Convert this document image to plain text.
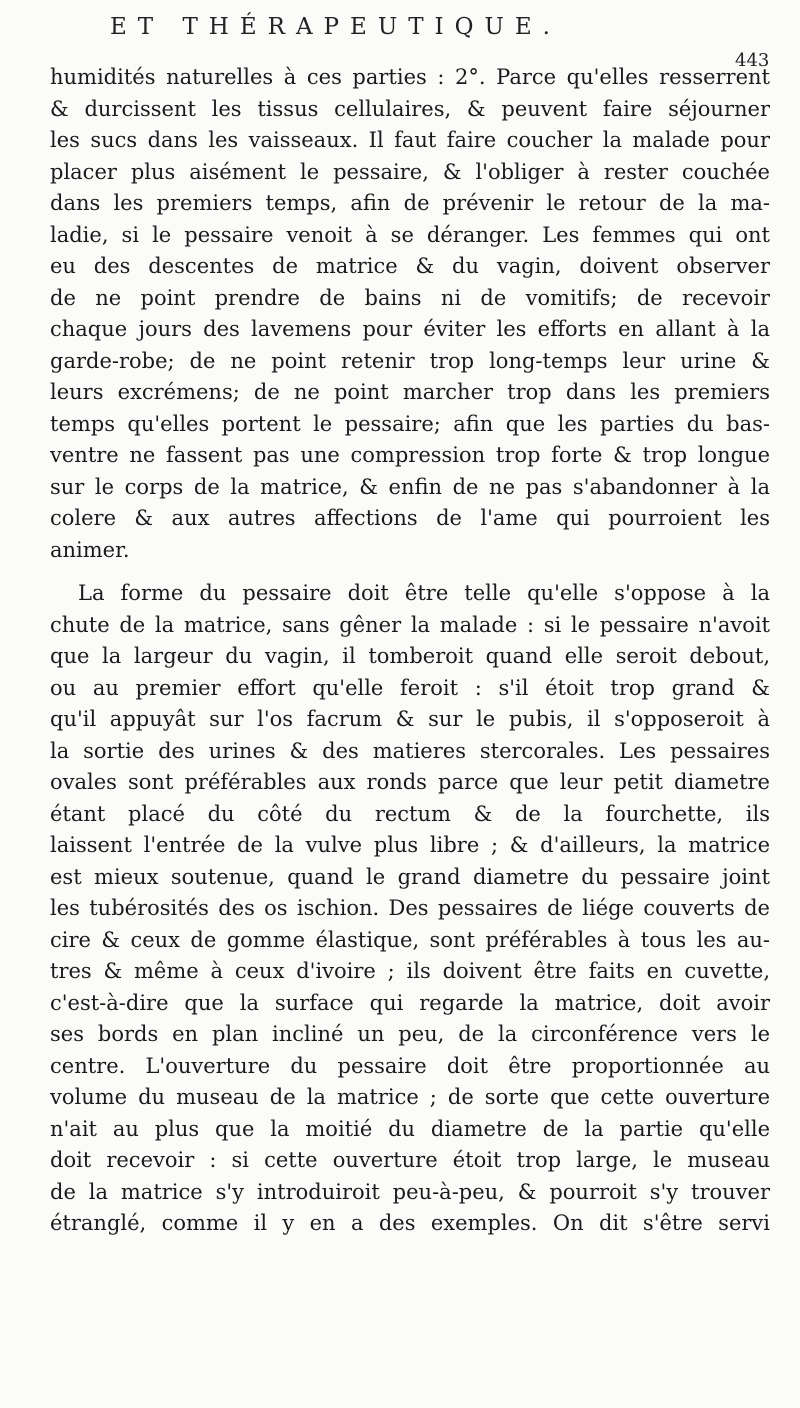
ET THÉRAPEUTIQUE.
443
humidités naturelles à ces parties : 2°. Parce qu'elles resserrent
& durcissent les tissus cellulaires, & peuvent faire séjourner
les sucs dans les vaisseaux. Il faut faire coucher la malade pour
placer plus aisément le pessaire, & l'obliger à rester couchée
dans les premiers temps, afin de prévenir le retour de la ma-
ladie, si le pessaire venoit à se déranger. Les femmes qui ont
eu des descentes de matrice & du vagin, doivent observer
de ne point prendre de bains ni de vomitifs; de recevoir
chaque jours des lavemens pour éviter les efforts en allant à la
garde-robe; de ne point retenir trop long-temps leur urine &
leurs excrémens; de ne point marcher trop dans les premiers
temps qu'elles portent le pessaire; afin que les parties du bas-
ventre ne fassent pas une compression trop forte & trop longue
sur le corps de la matrice, & enfin de ne pas s'abandonner à la
colere & aux autres affections de l'ame qui pourroient les
animer.
La forme du pessaire doit être telle qu'elle s'oppose à la
chute de la matrice, sans gêner la malade : si le pessaire n'avoit
que la largeur du vagin, il tomberoit quand elle seroit debout,
ou au premier effort qu'elle feroit : s'il étoit trop grand &
qu'il appuyât sur l'os facrum & sur le pubis, il s'opposeroit à
la sortie des urines & des matieres stercorales. Les pessaires
ovales sont préférables aux ronds parce que leur petit diametre
étant placé du côté du rectum & de la fourchette, ils
laissent l'entrée de la vulve plus libre ; & d'ailleurs, la matrice
est mieux soutenue, quand le grand diametre du pessaire joint
les tubérosités des os ischion. Des pessaires de liége couverts de
cire & ceux de gomme élastique, sont préférables à tous les au-
tres & même à ceux d'ivoire ; ils doivent être faits en cuvette,
c'est-à-dire que la surface qui regarde la matrice, doit avoir
ses bords en plan incliné un peu, de la circonférence vers le
centre. L'ouverture du pessaire doit être proportionnée au
volume du museau de la matrice ; de sorte que cette ouverture
n'ait au plus que la moitié du diametre de la partie qu'elle
doit recevoir : si cette ouverture étoit trop large, le museau
de la matrice s'y introduiroit peu-à-peu, & pourroit s'y trouver
étranglé, comme il y en a des exemples. On dit s'être servi
